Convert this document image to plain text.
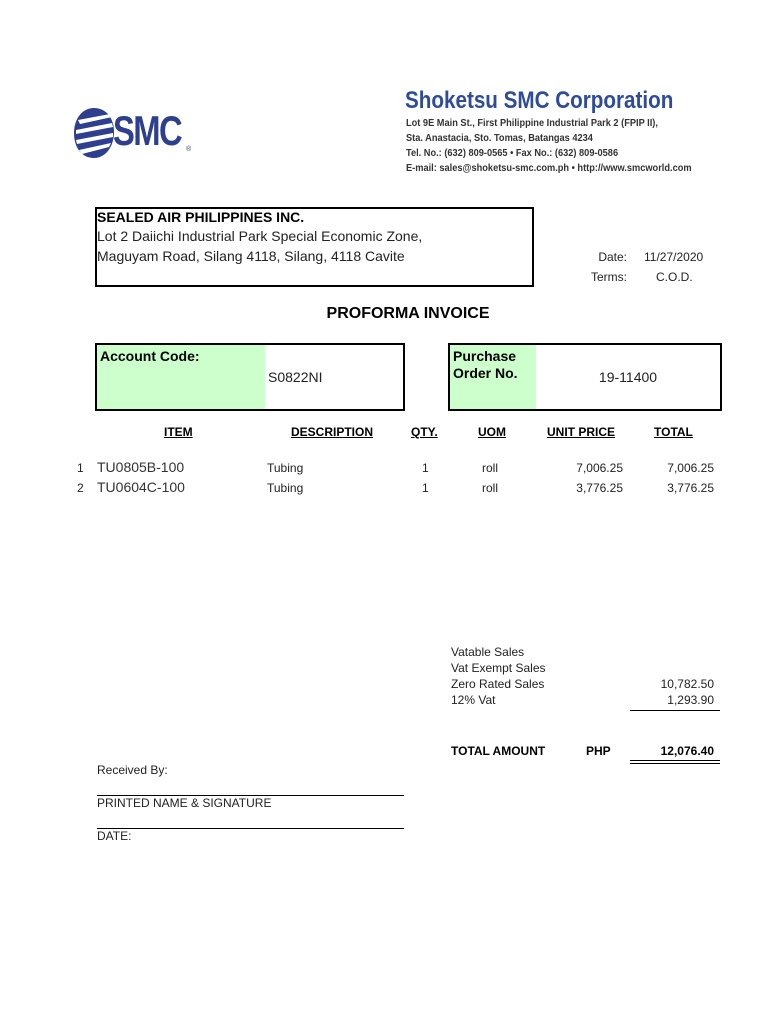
SMC ®
Shoketsu SMC Corporation
Lot 9E Main St., First Philippine Industrial Park 2 (FPIP II),
Sta. Anastacia, Sto. Tomas, Batangas 4234
Tel. No.: (632) 809-0565 • Fax No.: (632) 809-0586
E-mail: sales@shoketsu-smc.com.ph • http://www.smcworld.com
SEALED AIR PHILIPPINES INC.
Lot 2 Daiichi Industrial Park Special Economic Zone,
Maguyam Road, Silang 4118, Silang, 4118 Cavite	Date: 11/27/2020
Terms: C.O.D.
PROFORMA INVOICE
Account Code:
S0822NI
Purchase
Order No.	19-11400
ITEM	DESCRIPTION	QTY.	UOM	UNIT PRICE	TOTAL
1 TU0805B-100	Tubing	1	roll	7,006.25	7,006.25
2 TU0604C-100	Tubing	1	roll	3,776.25	3,776.25
Vatable Sales
Vat Exempt Sales
Zero Rated Sales	10,782.50
12% Vat	1,293.90
TOTAL AMOUNT	PHP	12,076.40
Received By:
PRINTED NAME & SIGNATURE
DATE:
